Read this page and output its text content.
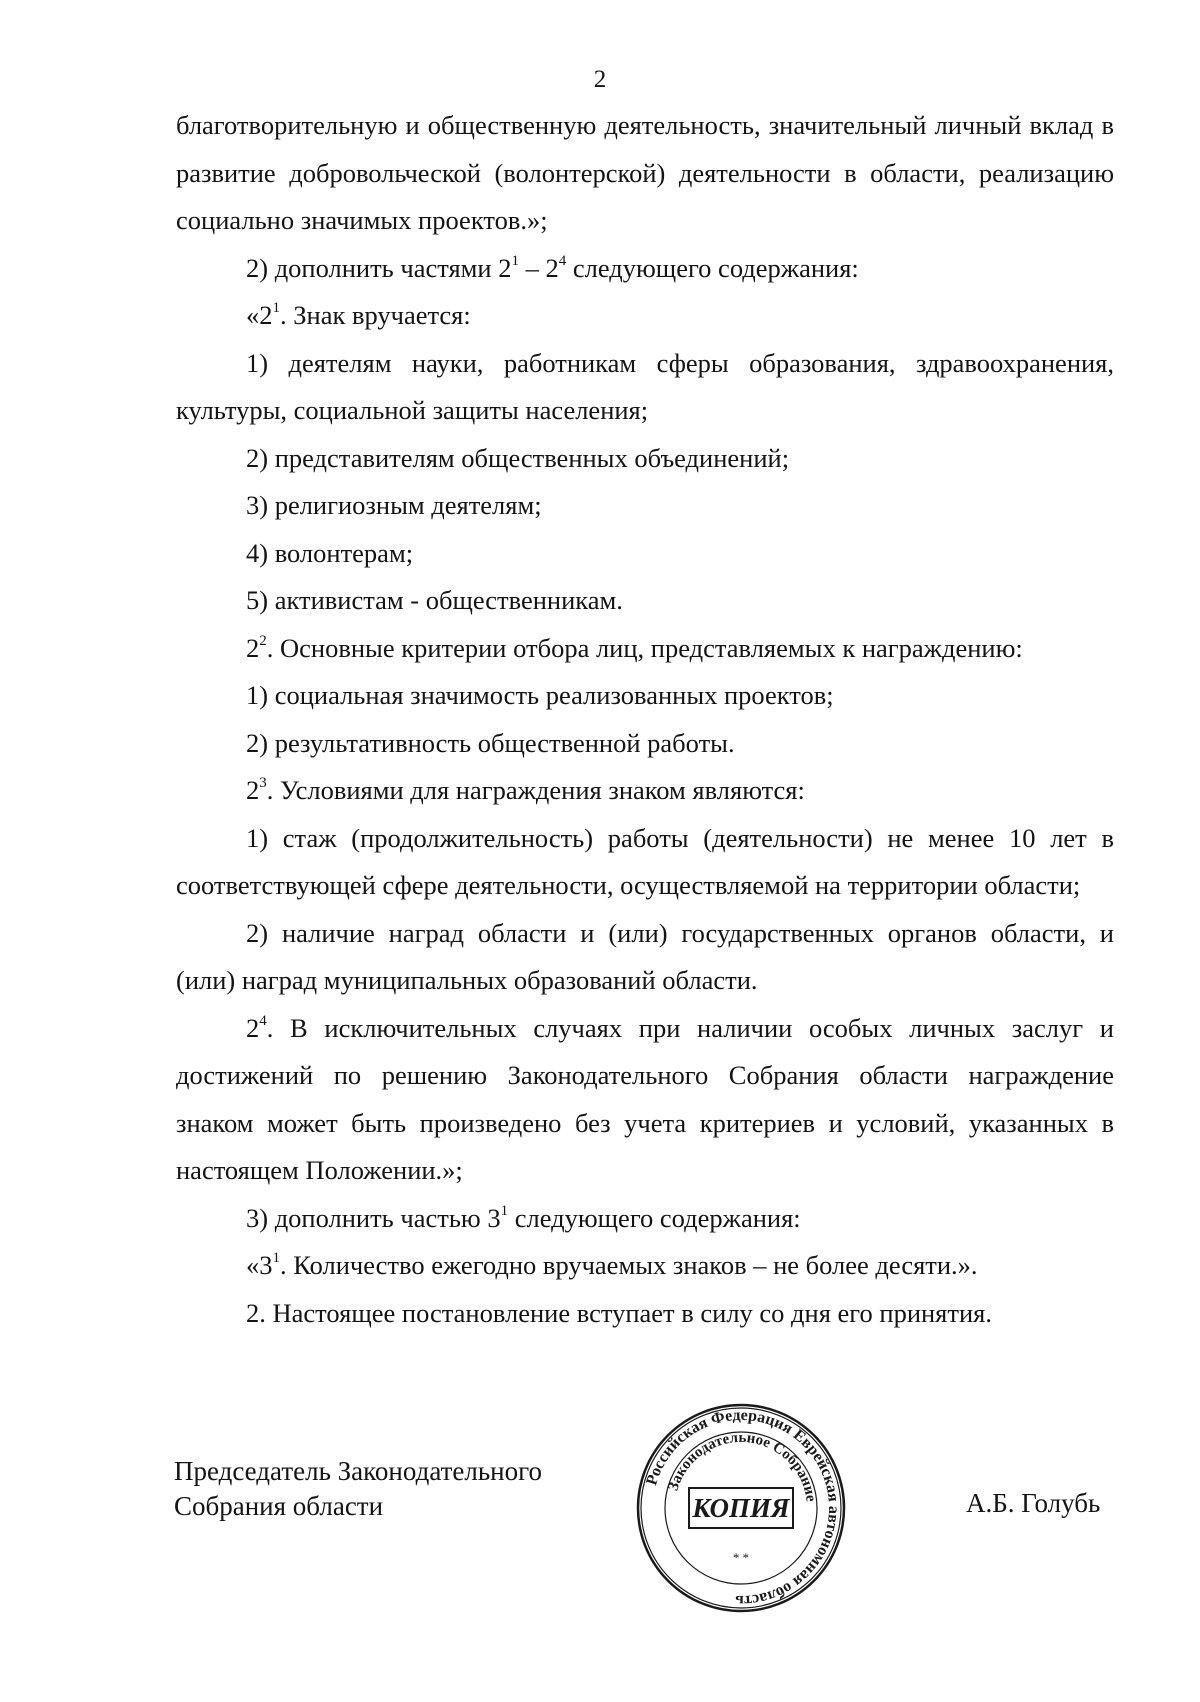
2

благотворительную и общественную деятельность, значительный личный вклад в развитие добровольческой (волонтерской) деятельности в области, реализацию социально значимых проектов.»;

2) дополнить частями $2^1 - 2^4$ следующего содержания:

«$2^1$. Знак вручается:

1) деятелям науки, работникам сферы образования, здравоохранения, культуры, социальной защиты населения;

2) представителям общественных объединений;

3) религиозным деятелям;

4) волонтерам;

5) активистам - общественникам.

$2^2$. Основные критерии отбора лиц, представляемых к награждению:

1) социальная значимость реализованных проектов;

2) результативность общественной работы.

$2^3$. Условиями для награждения знаком являются:

1) стаж (продолжительность) работы (деятельности) не менее 10 лет в соответствующей сфере деятельности, осуществляемой на территории области;

2) наличие наград области и (или) государственных органов области, и (или) наград муниципальных образований области.

$2^4$. В исключительных случаях при наличии особых личных заслуг и достижений по решению Законодательного Собрания области награждение знаком может быть произведено без учета критериев и условий, указанных в настоящем Положении.»;

3) дополнить частью $3^1$ следующего содержания:

«$3^1$. Количество ежегодно вручаемых знаков – не более десяти.».

2. Настоящее постановление вступает в силу со дня его принятия.

Председатель Законодательного
Собрания области	А.Б. Голубь
Российская Федерация Еврейская автономная область
Законодательное Собрание
КОПИЯ
* *
